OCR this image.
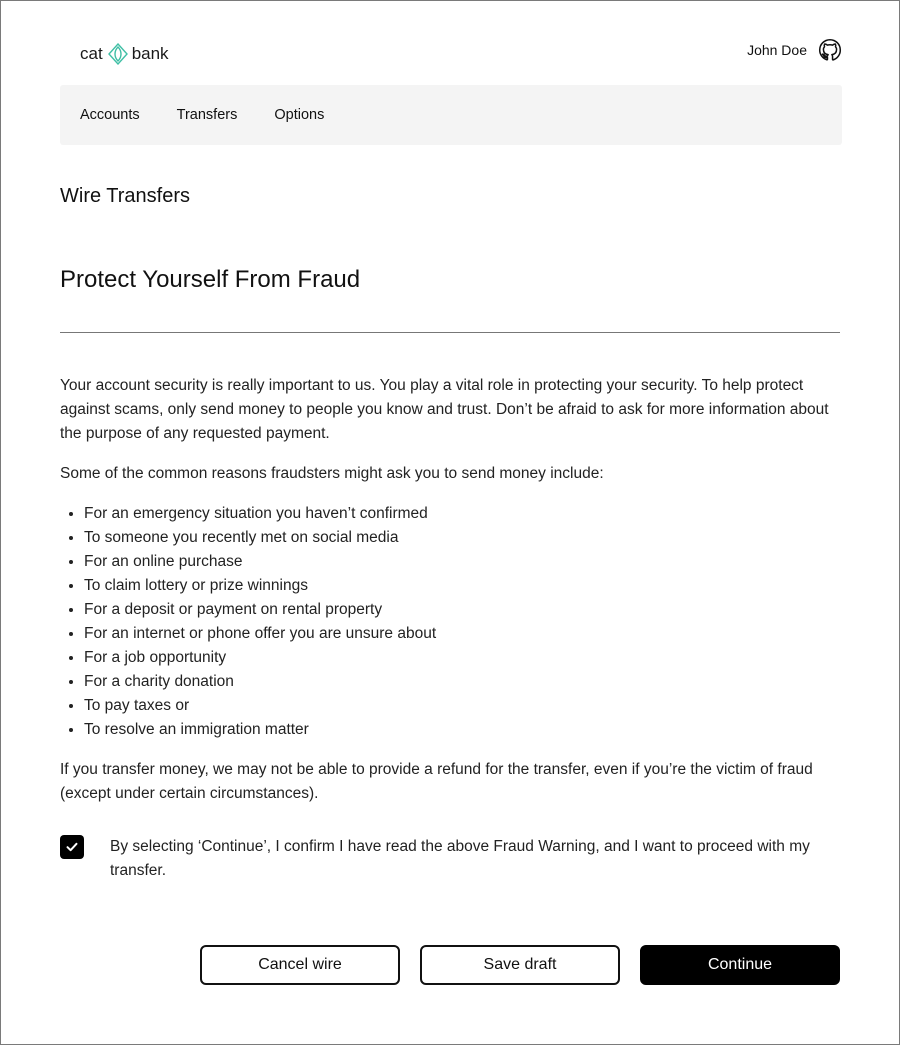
cat bank	John Doe
Accounts	Transfers	Options
Wire Transfers
Protect Yourself From Fraud

Your account security is really important to us. You play a vital role in protecting your security. To help protect against scams, only send money to people you know and trust. Don’t be afraid to ask for more information about the purpose of any requested payment.

Some of the common reasons fraudsters might ask you to send money include:

• For an emergency situation you haven’t confirmed
• To someone you recently met on social media
• For an online purchase
• To claim lottery or prize winnings
• For a deposit or payment on rental property
• For an internet or phone offer you are unsure about
• For a job opportunity
• For a charity donation
• To pay taxes or
• To resolve an immigration matter

If you transfer money, we may not be able to provide a refund for the transfer, even if you’re the victim of fraud (except under certain circumstances).

By selecting ‘Continue’, I confirm I have read the above Fraud Warning, and I want to proceed with my transfer.
Cancel wire	Save draft	Continue
